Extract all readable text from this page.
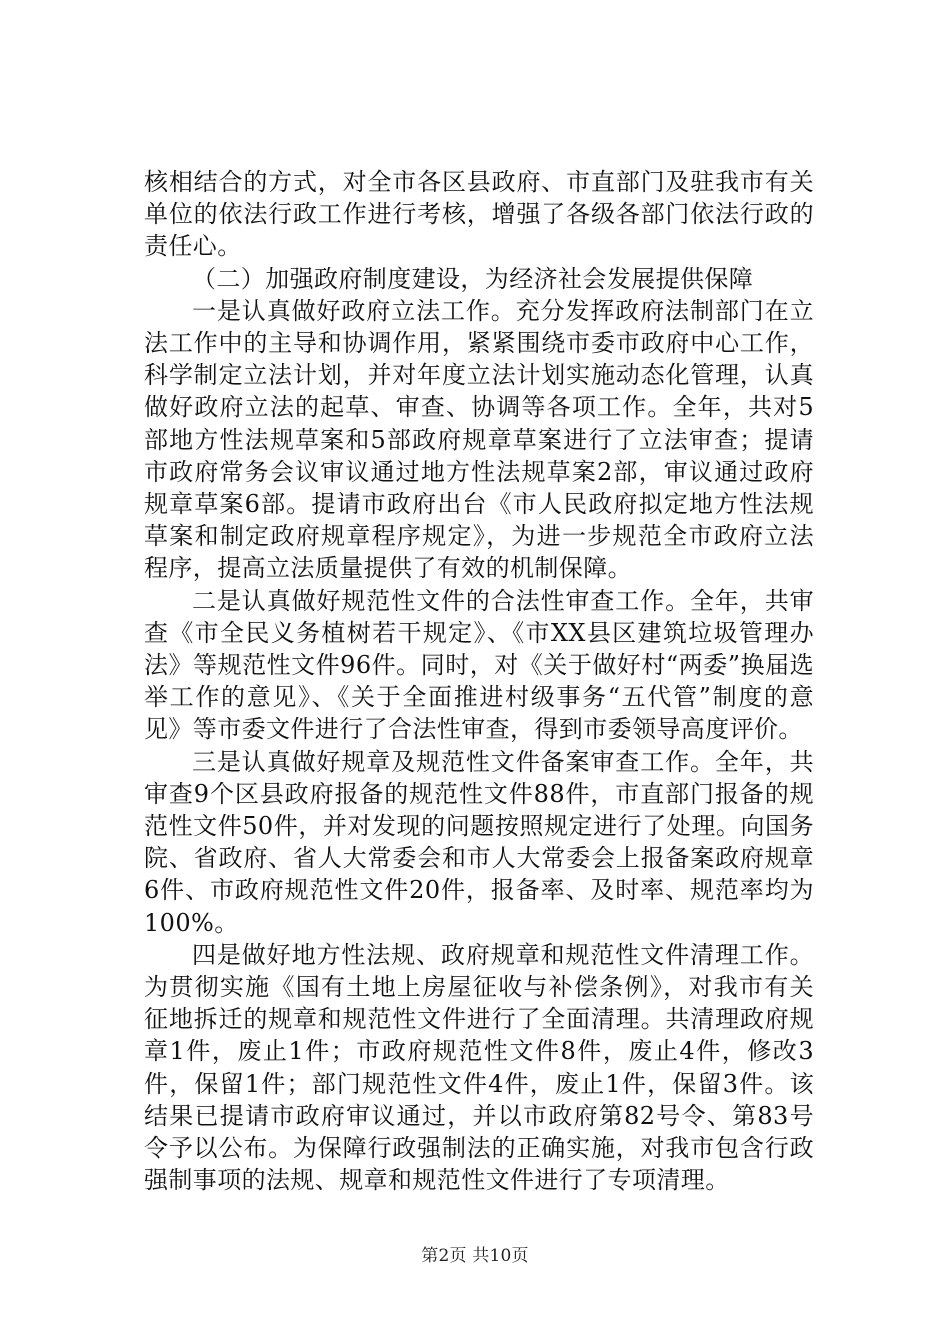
核相结合的方式，对全市各区县政府、市直部门及驻我市有关单位的依法行政工作进行考核，增强了各级各部门依法行政的责任心。

（二）加强政府制度建设，为经济社会发展提供保障

一是认真做好政府立法工作。充分发挥政府法制部门在立法工作中的主导和协调作用，紧紧围绕市委市政府中心工作，科学制定立法计划，并对年度立法计划实施动态化管理，认真做好政府立法的起草、审查、协调等各项工作。全年，共对5部地方性法规草案和5部政府规章草案进行了立法审查；提请市政府常务会议审议通过地方性法规草案2部，审议通过政府规章草案6部。提请市政府出台《市人民政府拟定地方性法规草案和制定政府规章程序规定》，为进一步规范全市政府立法程序，提高立法质量提供了有效的机制保障。

二是认真做好规范性文件的合法性审查工作。全年，共审查《市全民义务植树若干规定》、《市XX县区建筑垃圾管理办法》等规范性文件96件。同时，对《关于做好村“两委”换届选举工作的意见》、《关于全面推进村级事务“五代管”制度的意见》等市委文件进行了合法性审查，得到市委领导高度评价。

三是认真做好规章及规范性文件备案审查工作。全年，共审查9个区县政府报备的规范性文件88件，市直部门报备的规范性文件50件，并对发现的问题按照规定进行了处理。向国务院、省政府、省人大常委会和市人大常委会上报备案政府规章6件、市政府规范性文件20件，报备率、及时率、规范率均为100%。

四是做好地方性法规、政府规章和规范性文件清理工作。为贯彻实施《国有土地上房屋征收与补偿条例》，对我市有关征地拆迁的规章和规范性文件进行了全面清理。共清理政府规章1件，废止1件；市政府规范性文件8件，废止4件，修改3件，保留1件；部门规范性文件4件，废止1件，保留3件。该结果已提请市政府审议通过，并以市政府第82号令、第83号令予以公布。为保障行政强制法的正确实施，对我市包含行政强制事项的法规、规章和规范性文件进行了专项清理。

第2页 共10页
